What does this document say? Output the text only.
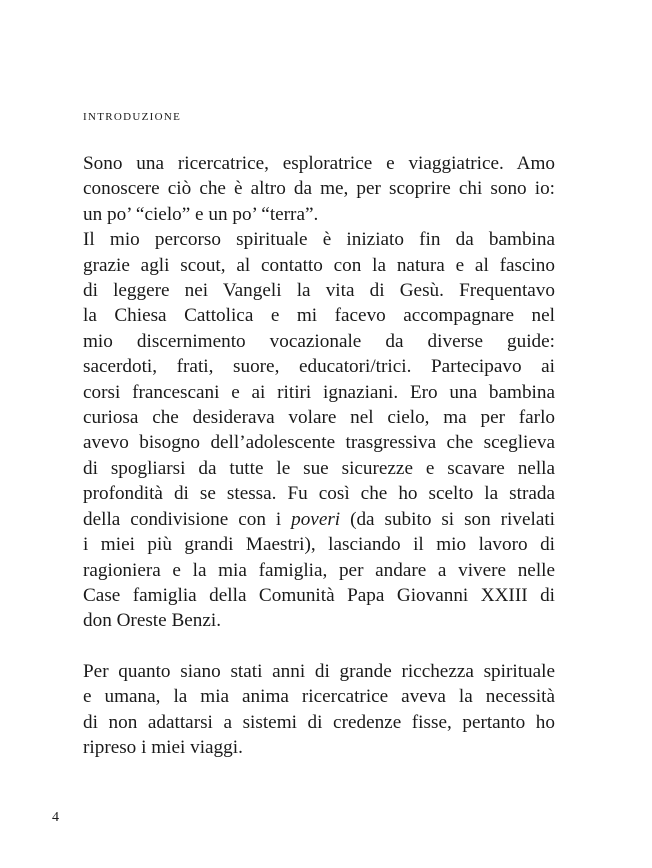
introduzione

Sono una ricercatrice, esploratrice e viaggiatrice. Amo
conoscere ciò che è altro da me, per scoprire chi sono io:
un po’ “cielo” e un po’ “terra”.

Il mio percorso spirituale è iniziato fin da bambina
grazie agli scout, al contatto con la natura e al fascino
di leggere nei Vangeli la vita di Gesù. Frequentavo
la Chiesa Cattolica e mi facevo accompagnare nel
mio discernimento vocazionale da diverse guide:
sacerdoti, frati, suore, educatori/trici. Partecipavo ai
corsi francescani e ai ritiri ignaziani. Ero una bambina
curiosa che desiderava volare nel cielo, ma per farlo
avevo bisogno dell’adolescente trasgressiva che sceglieva
di spogliarsi da tutte le sue sicurezze e scavare nella
profondità di se stessa. Fu così che ho scelto la strada
della condivisione con i poveri (da subito si son rivelati
i miei più grandi Maestri), lasciando il mio lavoro di
ragioniera e la mia famiglia, per andare a vivere nelle
Case famiglia della Comunità Papa Giovanni XXIII di
don Oreste Benzi.

Per quanto siano stati anni di grande ricchezza spirituale
e umana, la mia anima ricercatrice aveva la necessità
di non adattarsi a sistemi di credenze fisse, pertanto ho
ripreso i miei viaggi.

4
